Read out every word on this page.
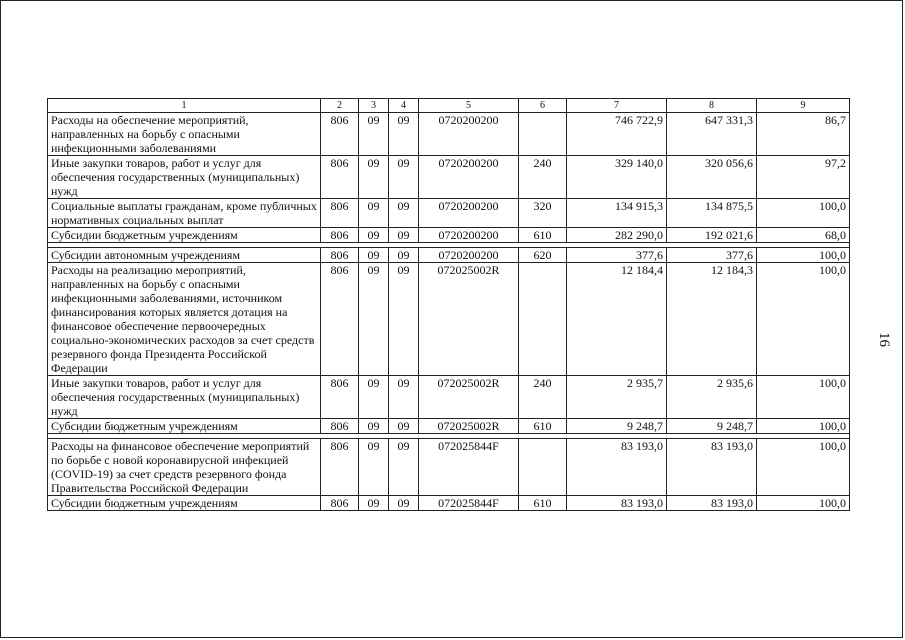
1	2	3	4	5	6	7	8	9
Расходы на обеспечение мероприятий, направленных на борьбу с опасными инфекционными заболеваниями	806	09	09	0720200200		746 722,9	647 331,3	86,7
Иные закупки товаров, работ и услуг для обеспечения государственных (муниципальных) нужд	806	09	09	0720200200	240	329 140,0	320 056,6	97,2
Социальные выплаты гражданам, кроме публичных нормативных социальных выплат	806	09	09	0720200200	320	134 915,3	134 875,5	100,0
Субсидии бюджетным учреждениям	806	09	09	0720200200	610	282 290,0	192 021,6	68,0

Субсидии автономным учреждениям	806	09	09	0720200200	620	377,6	377,6	100,0
Расходы на реализацию мероприятий, направленных на борьбу с опасными инфекционными заболеваниями, источником финансирования которых является дотация на финансовое обеспечение первоочередных социально-экономических расходов за счет средств резервного фонда Президента Российской Федерации	806	09	09	072025002R		12 184,4	12 184,3	100,0
Иные закупки товаров, работ и услуг для обеспечения государственных (муниципальных) нужд	806	09	09	072025002R	240	2 935,7	2 935,6	100,0
Субсидии бюджетным учреждениям	806	09	09	072025002R	610	9 248,7	9 248,7	100,0

Расходы на финансовое обеспечение мероприятий по борьбе с новой коронавирусной инфекцией (COVID-19) за счет средств резервного фонда Правительства Российской Федерации	806	09	09	072025844F		83 193,0	83 193,0	100,0
Субсидии бюджетным учреждениям	806	09	09	072025844F	610	83 193,0	83 193,0	100,0
16
